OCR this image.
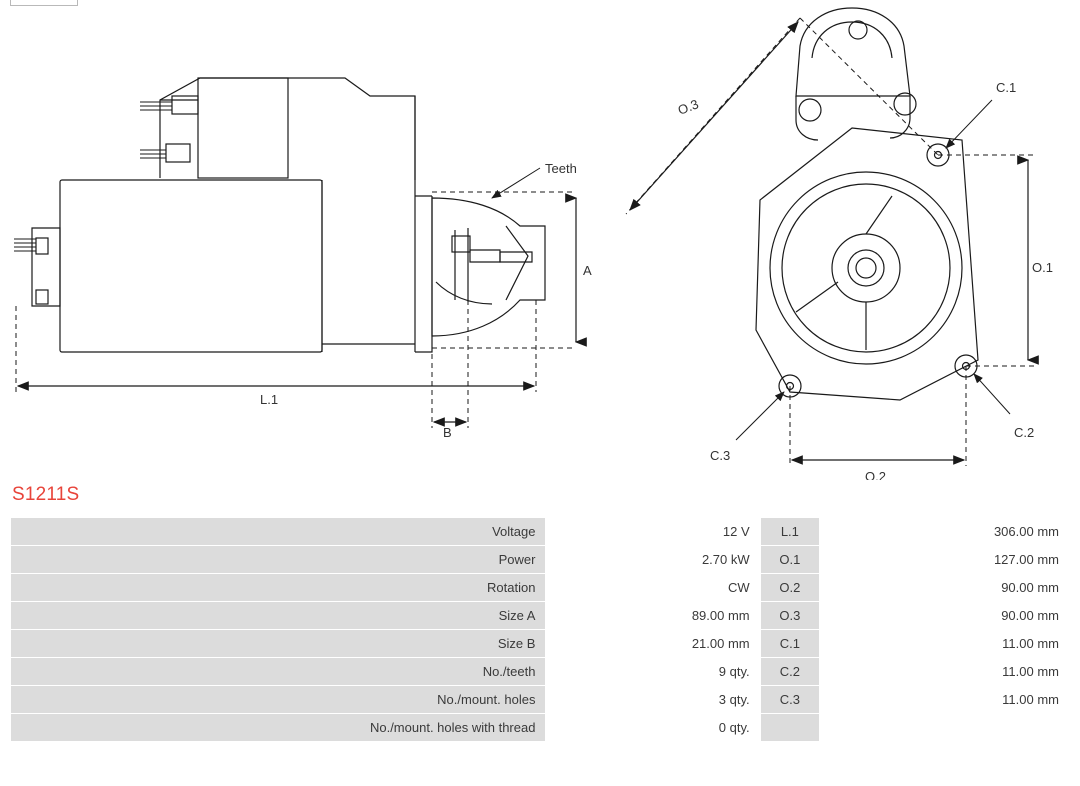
Teeth
A
L.1
B
O.1
O.2
O.3
C.1
C.2
C.3
S1211S
Voltage	12 V	L.1	306.00 mm
Power	2.70 kW	O.1	127.00 mm
Rotation	CW	O.2	90.00 mm
Size A	89.00 mm	O.3	90.00 mm
Size B	21.00 mm	C.1	11.00 mm
No./teeth	9 qty.	C.2	11.00 mm
No./mount. holes	3 qty.	C.3	11.00 mm
No./mount. holes with thread	0 qty.		
